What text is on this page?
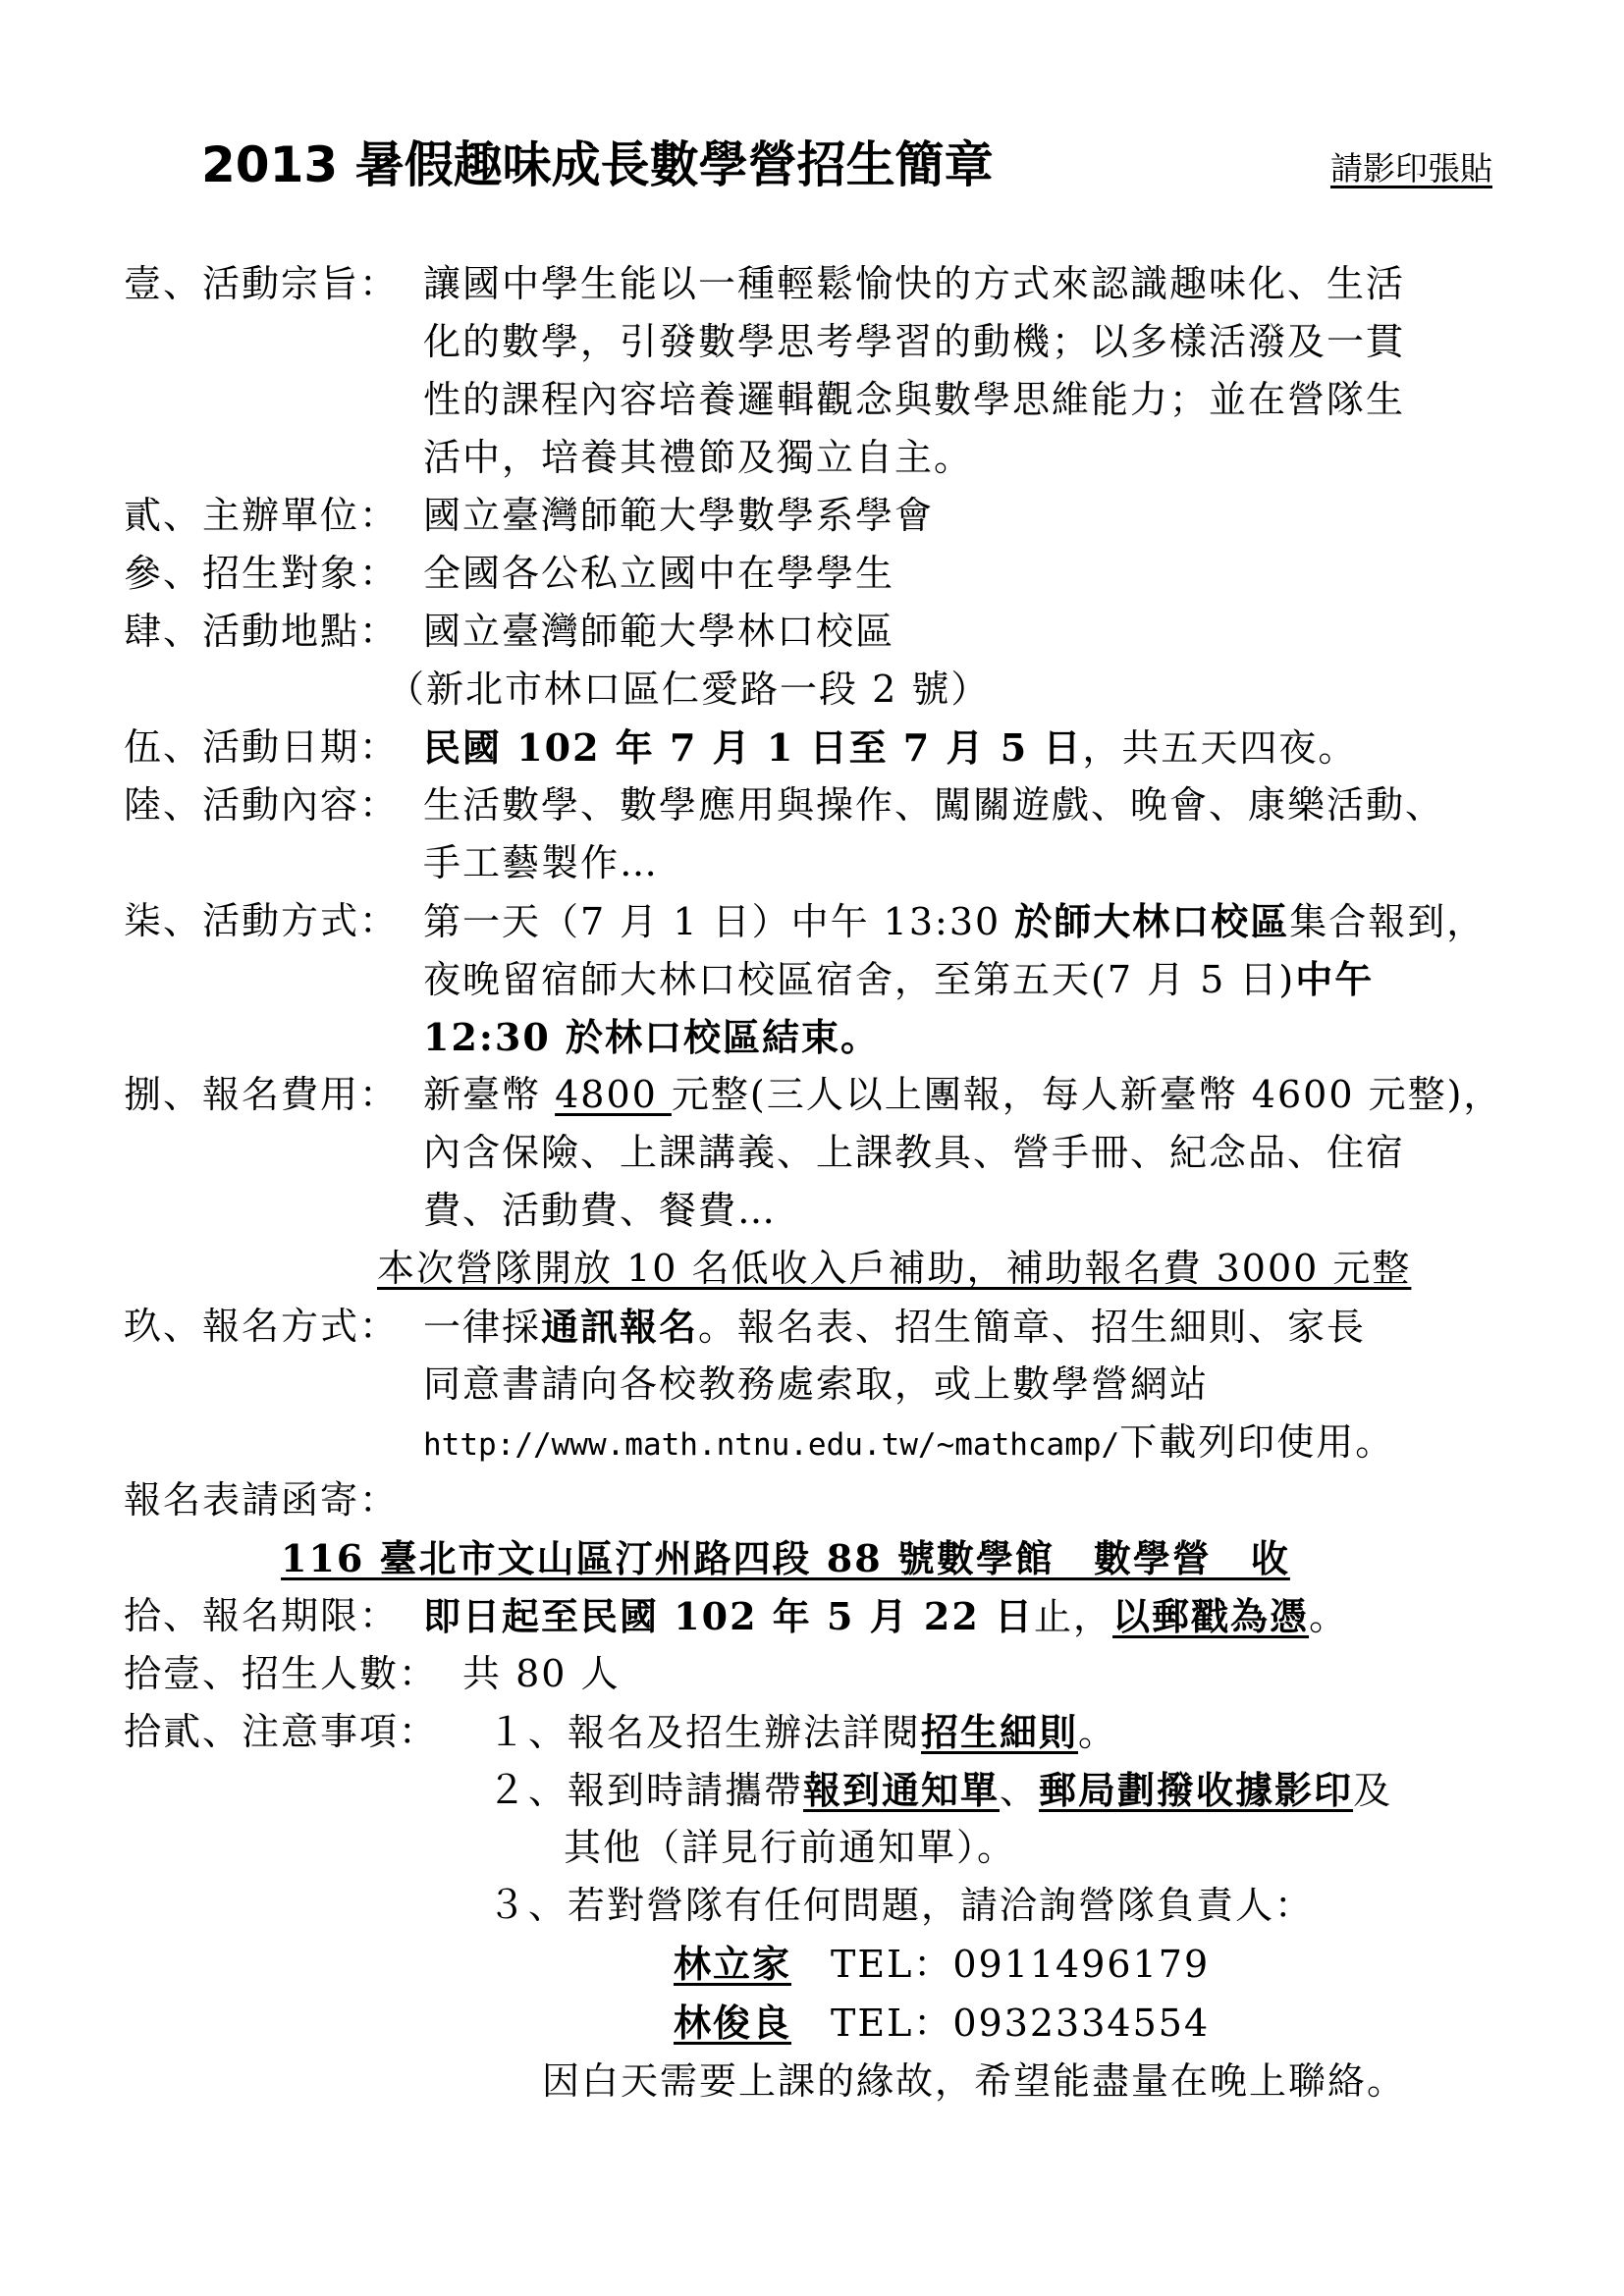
2013 暑假趣味成長數學營招生簡章	請影印張貼
壹、活動宗旨： 讓國中學生能以一種輕鬆愉快的方式來認識趣味化、生活
化的數學，引發數學思考學習的動機；以多樣活潑及一貫
性的課程內容培養邏輯觀念與數學思維能力；並在營隊生
活中，培養其禮節及獨立自主。
貳、主辦單位： 國立臺灣師範大學數學系學會
參、招生對象： 全國各公私立國中在學學生
肆、活動地點： 國立臺灣師範大學林口校區
（新北市林口區仁愛路一段 2 號）
伍、活動日期： 民國 102 年 7 月 1 日至 7 月 5 日，共五天四夜。
陸、活動內容： 生活數學、數學應用與操作、闖關遊戲、晚會、康樂活動、
手工藝製作…
柒、活動方式： 第一天（7 月 1 日）中午 13:30 於師大林口校區集合報到，
夜晚留宿師大林口校區宿舍，至第五天(7 月 5 日)中午
12:30 於林口校區結束。
捌、報名費用： 新臺幣 4800 元整(三人以上團報，每人新臺幣 4600 元整)，
內含保險、上課講義、上課教具、營手冊、紀念品、住宿
費、活動費、餐費…
本次營隊開放 10 名低收入戶補助，補助報名費 3000 元整
玖、報名方式： 一律採通訊報名。報名表、招生簡章、招生細則、家長
同意書請向各校教務處索取，或上數學營網站
http://www.math.ntnu.edu.tw/~mathcamp/下載列印使用。
報名表請函寄：
116 臺北市文山區汀州路四段 88 號數學館　數學營　收
拾、報名期限： 即日起至民國 102 年 5 月 22 日止，以郵戳為憑。
拾壹、招生人數： 共 80 人
拾貳、注意事項： １、報名及招生辦法詳閱招生細則。
２、報到時請攜帶報到通知單、郵局劃撥收據影印及
其他（詳見行前通知單）。
３、若對營隊有任何問題，請洽詢營隊負責人：
林立家　 TEL：0911496179
林俊良　 TEL：0932334554
因白天需要上課的緣故，希望能盡量在晚上聯絡。
